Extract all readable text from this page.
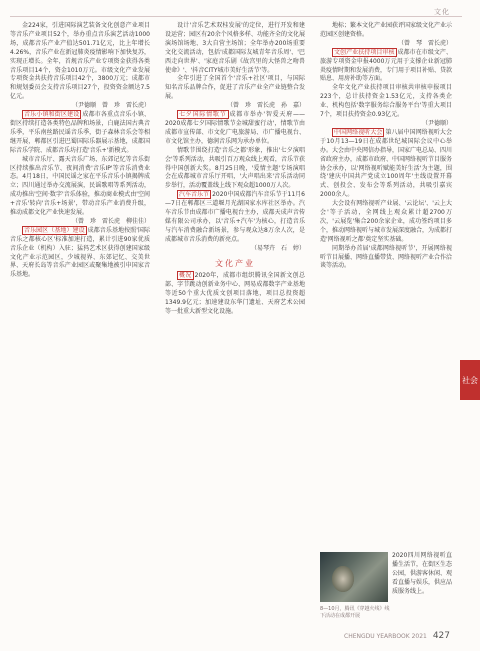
文化

金224家，引进国际演艺装备文化创意产业项目等音乐产业项目52个，举办重点音乐演艺活动1000场，成都音乐产业产值达501.71亿元，比上年增长4.26%，音乐产业在新冠肺炎疫情影响下加快复苏，实现正增长。全年，首规音乐产业专项资金获得各类音乐项目14个，资金1010万元。市级文化产业发展专项资金共扶持音乐项目42个，3800万元；成都市和规划委员会支持音乐项目27个，投资资金额达7.5亿元。

（尹德顺　曾　珍　雷长虎）

音乐小镇和街区建设 成都市各重点音乐小镇、街区持续打造各类特色品牌和场景，白鹿法国古典音乐季，平乐南丝路民谣音乐季，街子森林音乐会等相继开展，郫都区引进巴蜀国际乐器展示基地，成都国际音乐学院、成都音乐坊打造'音乐+'新模式。

城市音乐厅、露天音乐广场、东郊记忆等音乐街区持续推出音乐节、夜间消费'音乐IP'等音乐消费业态。4月18日，中国民谣之家在平乐音乐小镇揭牌成立；四川通过举办交流展演，民谣歌唱等系列活动，成功推出'空间·数字'音乐体验，推动商业模式由'空间+音乐'转向'音乐+场景'，带动音乐产业消费升级，推动成都文化产业快速发展。

（曾　珍　雷长虎　柳佳佳）

音乐园区（基地）建设 成都音乐基地按照'国际音乐之都核心区'标准加速打造，累计引进90家优质音乐企业（机构）入驻；猛犸艺术区获得创建国家级文化产业示范园区，少城视界、东郊记忆、交美世界、天府长岛等音乐产业园区或聚集地被引申国家音乐基地。

设计'音乐艺术双桂发展'的定位，进行开发和建设运营；园区有20余个风格多样、功能齐全的文化展演场馆场地、3大自营主场馆；全年举办200场重要文化交流活动，包括'成都国际友城青年音乐周'、'巴西走向世界'、'家庭音乐剧《故宫里的大怪兽之吻兽使命》'、'抖音CITY城市美好生活节'等。

全年引进了全国首个'音乐+社区'项目，与国际知名音乐品牌合作，促进了音乐产业全产业链整合发展。

（曾　珍　雷长虎　孙　嘉）

七夕国际情歌节 成都市举办'智爱天府——2020成都七夕国际情歌节金城甜蜜行动'，情歌节由成都市宣传部、市文化广电旅游局、市广播电视台、市文化馆主办，德润音乐网为承办单位。

情歌节围绕打造'音乐之都'形象，推出'七夕演唱会'等系列活动，共吸引百万观众线上观看，音乐节获得中国创新大奖。8月25日晚，'爱情主题'专场演唱会在成都城市音乐厅开唱，'大声唱出来'音乐活动同步举行，活动覆盖线上线下观众超1000万人次。

汽车音乐节 2020中国成都汽车音乐节于11月6—7日在郫都区三道堰月光湖国家水库社区举办。汽车音乐节由成都市广播电视台主办，成都天成声音传媒有限公司承办，以'音乐+汽车'为核心，打造音乐与汽车消费融合新场景，参与观众达8万余人次，是成都城市音乐消费的新亮点。

（易琴卉　石　婷）

文化产业

概况 2020年，成都市组织腾讯全国新文创总部、字节跳动创新业务中心、网易成都数字产业基地等近50个重大优质文创项目落地，项目总投资超1349.9亿元；加速建设东华门遗址、天府艺术公园等一批重大新型文化设施。

地标；繁本文化产业园获评国家级文化产业示范园区创建资格。

（曾　琴　雷长虎）

文创产业扶持项目审核 成都市在市级文产、旅游专项资金申报4000万元用于支撑企业新冠肺炎疫情时期和发展消费，专门用于项目补贴、贷款贴息、用房补助等方面。

全年文化产业扶持项目审核共审核申报项目223个，总计扶持资金1.53亿元，支持各类企业、机构包括'数字服务综合服务平台'等重大项目7个，项目扶持资金0.93亿元。

（尹德顺）

中国网络视听大会 第八届中国网络视听大会于10月13—19日在成都世纪城国际会议中心举办。大会由中央网信办指导，国家广电总局、四川省政府主办，成都市政府、中国网络视听节目服务协会承办，以'网络视听赋能美好生活'为主题，围绕'建庆中国共产党成立100周年'主线设置开幕式、创投会、发布会等系列活动，共吸引嘉宾2000余人。

大会设有网络视听产业展、'云论坛'、'云上大会'等子活动，全网线上观众累计超2700万次，'云展览'集合200余家企业，成功签约项目多个，推动网络视听与城市发展深度融合，为成都打造'网络视听之都'奠定坚实基础。

同期举办首届'成都网络视听节'，开展网络视听节目展播、网络直播带货、网络视听产业合作洽谈等活动。

8—10月，腾讯《穿越火线》线下活动在成都开展
2020四川网络视听直播生活节，在街区生态公园，供游客休闲、观看直播与娱乐，供应品质服务线上。
社会
CHENGDU YEARBOOK 2021 427
